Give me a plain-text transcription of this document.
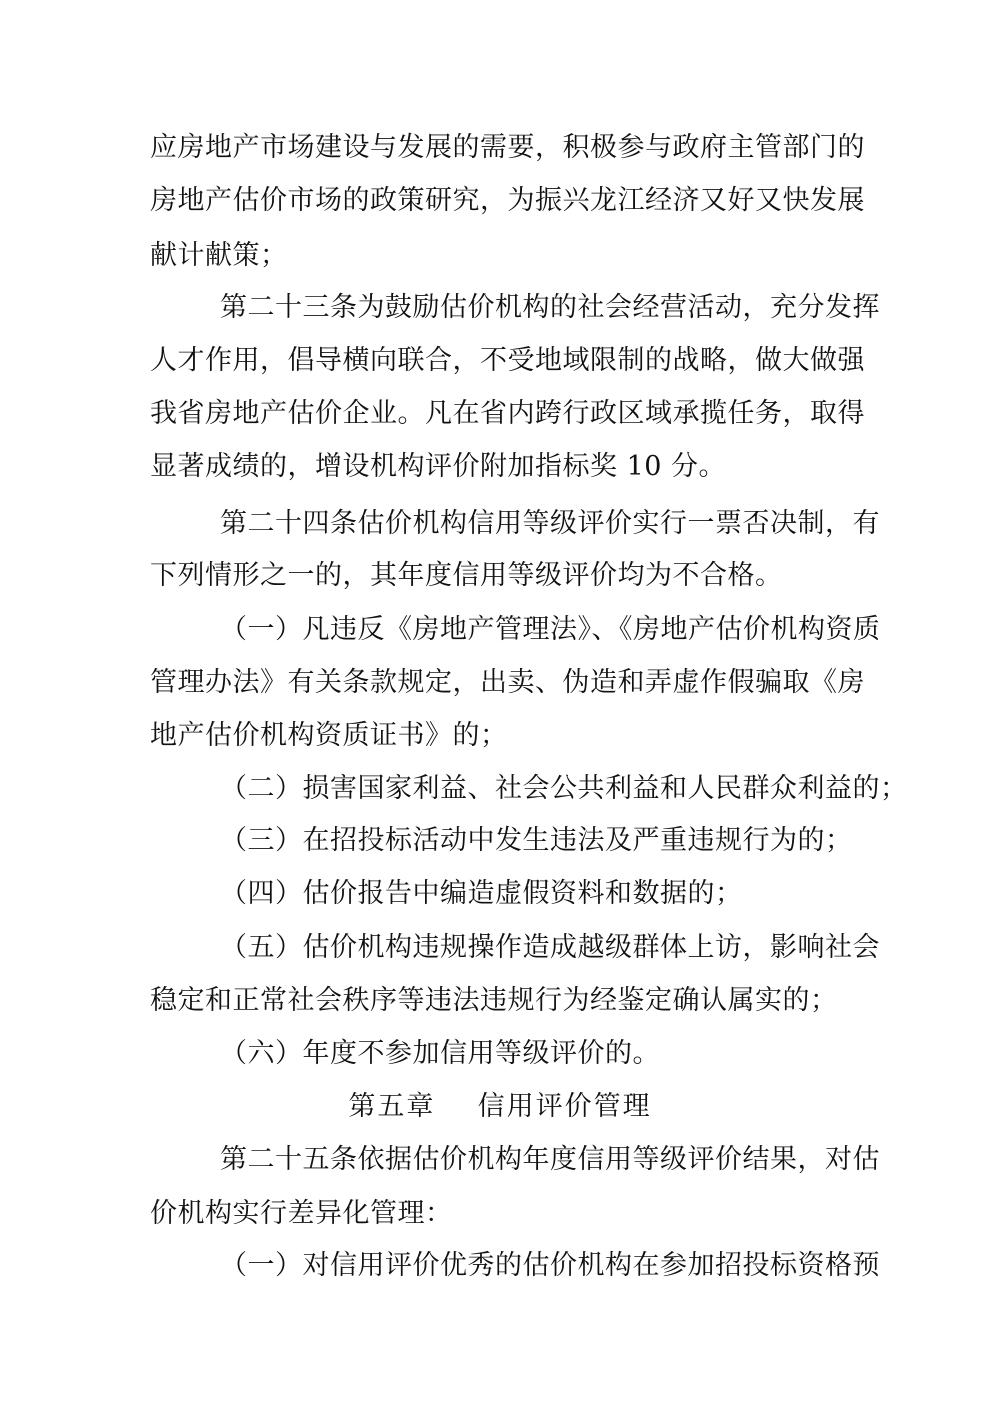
应房地产市场建设与发展的需要，积极参与政府主管部门的
房地产估价市场的政策研究，为振兴龙江经济又好又快发展
献计献策；
第二十三条为鼓励估价机构的社会经营活动，充分发挥
人才作用，倡导横向联合，不受地域限制的战略，做大做强
我省房地产估价企业。凡在省内跨行政区域承揽任务，取得
显著成绩的，增设机构评价附加指标奖 10 分。
第二十四条估价机构信用等级评价实行一票否决制，有
下列情形之一的，其年度信用等级评价均为不合格。
（一）凡违反《房地产管理法》、《房地产估价机构资质
管理办法》有关条款规定，出卖、伪造和弄虚作假骗取《房
地产估价机构资质证书》的；
（二）损害国家利益、社会公共利益和人民群众利益的；
（三）在招投标活动中发生违法及严重违规行为的；
（四）估价报告中编造虚假资料和数据的；
（五）估价机构违规操作造成越级群体上访，影响社会
稳定和正常社会秩序等违法违规行为经鉴定确认属实的；
（六）年度不参加信用等级评价的。
第五章    信用评价管理
第二十五条依据估价机构年度信用等级评价结果，对估
价机构实行差异化管理：
（一）对信用评价优秀的估价机构在参加招投标资格预
